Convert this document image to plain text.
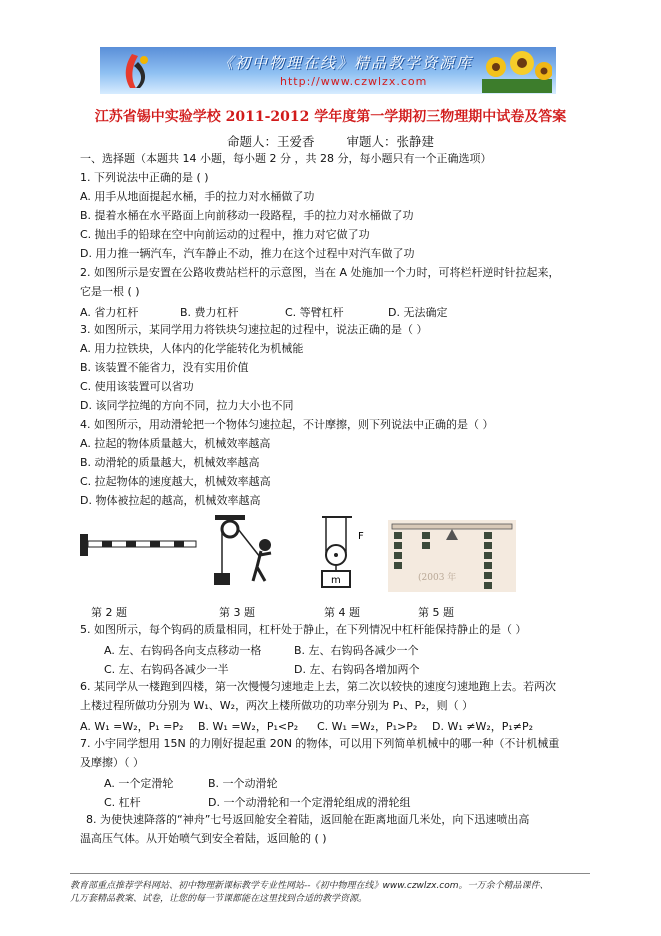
《初中物理在线》精品教学资源库
http://www.czwlzx.com
江苏省锡中实验学校 2011-2012 学年度第一学期初三物理期中试卷及答案
命题人：王爱香	审题人：张静建
一、选择题（本题共 14 小题，每小题 2 分 ，共 28 分，每小题只有一个正确选项）
1. 下列说法中正确的是 ( )
A. 用手从地面提起水桶，手的拉力对水桶做了功
B. 提着水桶在水平路面上向前移动一段路程，手的拉力对水桶做了功
C. 抛出手的铅球在空中向前运动的过程中，推力对它做了功
D. 用力推一辆汽车，汽车静止不动，推力在这个过程中对汽车做了功
2. 如图所示是安置在公路收费站栏杆的示意图，当在 A 处施加一个力时，可将栏杆逆时针拉起来，
它是一根 ( )
A. 省力杠杆	B. 费力杠杆	C. 等臂杠杆	D. 无法确定
3. 如图所示，某同学用力将铁块匀速拉起的过程中，说法正确的是（ ）
A. 用力拉铁块，人体内的化学能转化为机械能
B. 该装置不能省力，没有实用价值
C. 使用该装置可以省功
D. 该同学拉绳的方向不同，拉力大小也不同
4. 如图所示，用动滑轮把一个物体匀速拉起，不计摩擦，则下列说法中正确的是（ ）
A. 拉起的物体质量越大，机械效率越高
B. 动滑轮的质量越大，机械效率越高
C. 拉起物体的速度越大，机械效率越高
D. 物体被拉起的越高，机械效率越高
m
F
(2003 年
第 2 题	第 3 题	第 4 题	第 5 题
5. 如图所示，每个钩码的质量相同，杠杆处于静止，在下列情况中杠杆能保持静止的是（ ）
A. 左、右钩码各向支点移动一格	B. 左、右钩码各减少一个
C. 左、右钩码各减少一半	D. 左、右钩码各增加两个
6. 某同学从一楼跑到四楼，第一次慢慢匀速地走上去，第二次以较快的速度匀速地跑上去。若两次
上楼过程所做功分别为 W₁、W₂，两次上楼所做功的功率分别为 P₁、P₂，则（ ）
A. W₁ =W₂，P₁ =P₂ B. W₁ =W₂，P₁<P₂ C. W₁ =W₂，P₁>P₂ D. W₁ ≠W₂，P₁≠P₂
7. 小宇同学想用 15N 的力刚好提起重 20N 的物体，可以用下列简单机械中的哪一种（不计机械重
及摩擦）（ ）
A. 一个定滑轮	B. 一个动滑轮
C. 杠杆	D. 一个动滑轮和一个定滑轮组成的滑轮组
8. 为使快速降落的“神舟”七号返回舱安全着陆，返回舱在距离地面几米处，向下迅速喷出高
温高压气体。从开始喷气到安全着陆，返回舱的 ( )
教育部重点推荐学科网站、初中物理新课标教学专业性网站--《初中物理在线》www.czwlzx.com。一万余个精品课件、
几万套精品教案、试卷，让您的每一节课都能在这里找到合适的教学资源。
